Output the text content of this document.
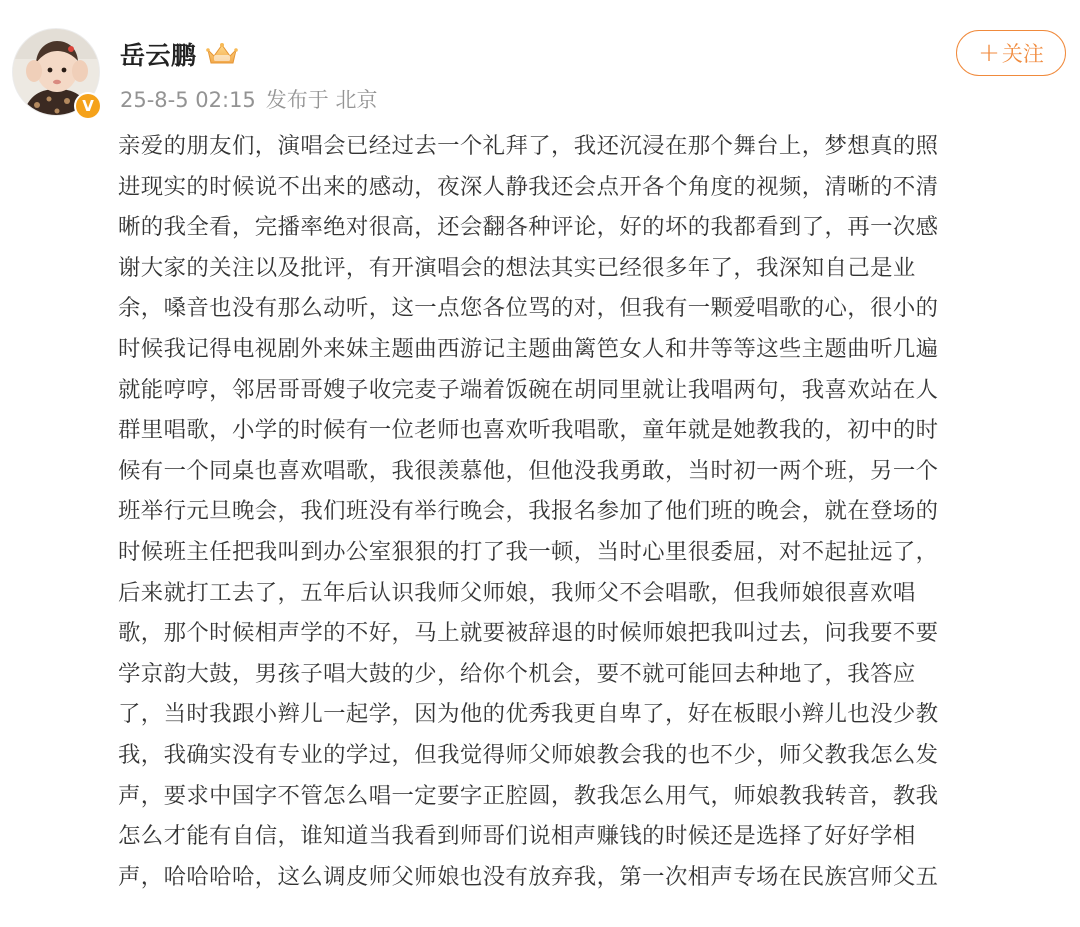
V
岳云鹏
25-8-5 02:15 发布于 北京
+ 关注
亲爱的朋友们，演唱会已经过去一个礼拜了，我还沉浸在那个舞台上，梦想真的照
进现实的时候说不出来的感动，夜深人静我还会点开各个角度的视频，清晰的不清
晰的我全看，完播率绝对很高，还会翻各种评论，好的坏的我都看到了，再一次感
谢大家的关注以及批评，有开演唱会的想法其实已经很多年了，我深知自己是业
余，嗓音也没有那么动听，这一点您各位骂的对，但我有一颗爱唱歌的心，很小的
时候我记得电视剧外来妹主题曲西游记主题曲篱笆女人和井等等这些主题曲听几遍
就能哼哼，邻居哥哥嫂子收完麦子端着饭碗在胡同里就让我唱两句，我喜欢站在人
群里唱歌，小学的时候有一位老师也喜欢听我唱歌，童年就是她教我的，初中的时
候有一个同桌也喜欢唱歌，我很羡慕他，但他没我勇敢，当时初一两个班，另一个
班举行元旦晚会，我们班没有举行晚会，我报名参加了他们班的晚会，就在登场的
时候班主任把我叫到办公室狠狠的打了我一顿，当时心里很委屈，对不起扯远了，
后来就打工去了，五年后认识我师父师娘，我师父不会唱歌，但我师娘很喜欢唱
歌，那个时候相声学的不好，马上就要被辞退的时候师娘把我叫过去，问我要不要
学京韵大鼓，男孩子唱大鼓的少，给你个机会，要不就可能回去种地了，我答应
了，当时我跟小辫儿一起学，因为他的优秀我更自卑了，好在板眼小辫儿也没少教
我，我确实没有专业的学过，但我觉得师父师娘教会我的也不少，师父教我怎么发
声，要求中国字不管怎么唱一定要字正腔圆，教我怎么用气，师娘教我转音，教我
怎么才能有自信，谁知道当我看到师哥们说相声赚钱的时候还是选择了好好学相
声，哈哈哈哈，这么调皮师父师娘也没有放弃我，第一次相声专场在民族宫师父五
